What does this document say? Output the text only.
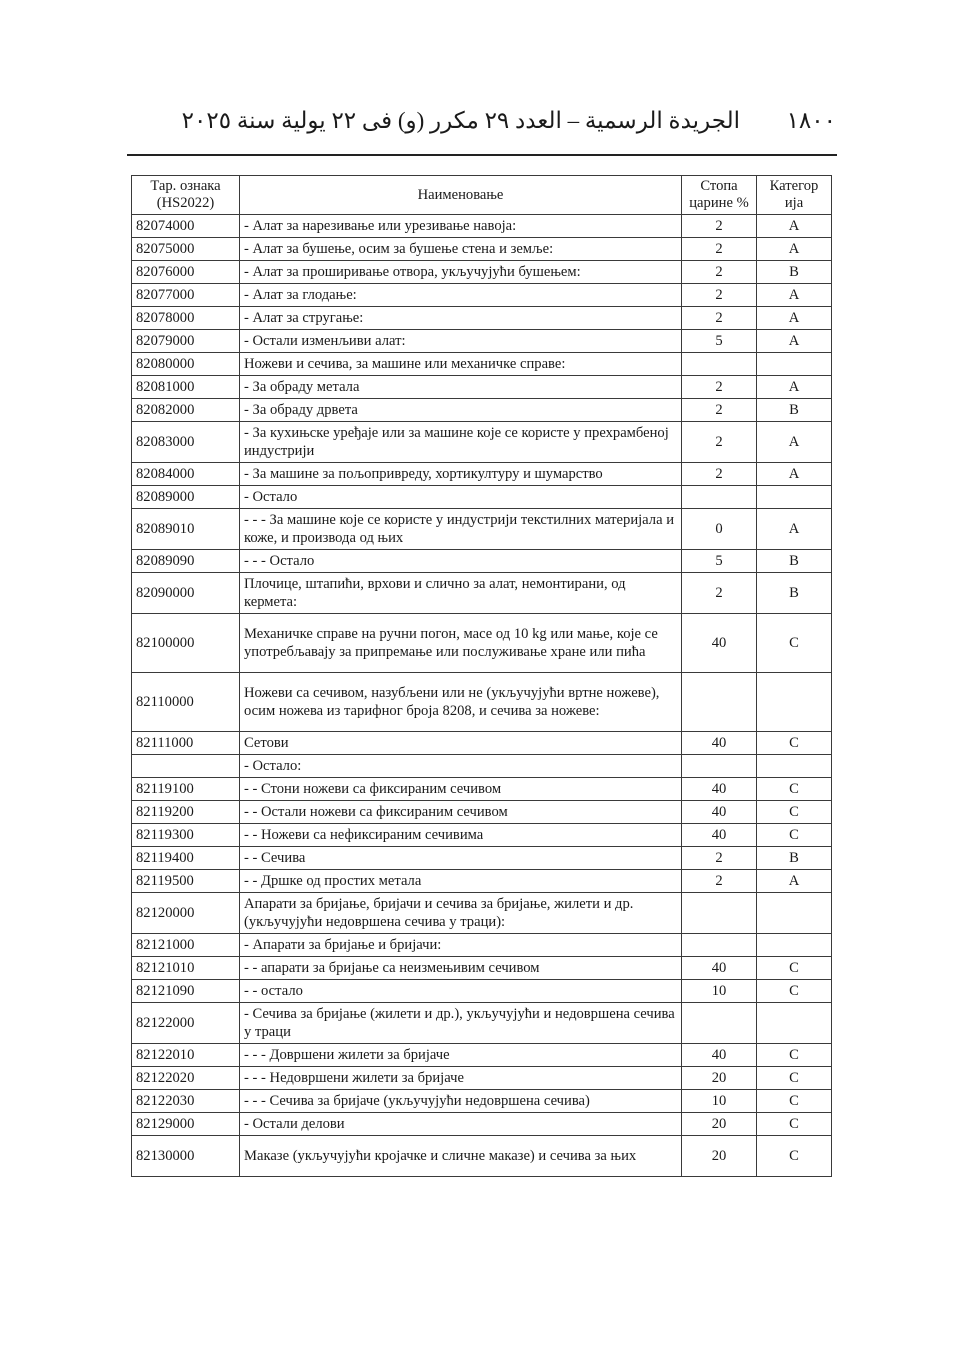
١٨٠٠
الجريدة الرسمية – العدد ٢٩ مكرر (و) فى ٢٢ يولية سنة ٢٠٢٥
Тар. ознака (HS2022)	Наименовање	Стопа царине %	Категор ија
82074000	- Алат за нарезивање или урезивање навоја:	2	A
82075000	- Алат за бушење, осим за бушење стена и земље:	2	A
82076000	- Алат за проширивање отвора, укључујући бушењем:	2	B
82077000	- Алат за глодање:	2	A
82078000	- Алат за стругање:	2	A
82079000	- Остали изменљиви алат:	5	A
82080000	Ножеви и сечива, за машине или механичке справе:		
82081000	- За обраду метала	2	A
82082000	- За обраду дрвета	2	B
82083000	- За кухињске уређаје или за машине које се користе у прехрамбеној индустрији	2	A
82084000	- За машине за пољопривреду, хортикултуру и шумарство	2	A
82089000	- Остало		
82089010	- - - За машине које се користе у индустрији текстилних материјала и коже, и производа од њих	0	A
82089090	- - - Остало	5	B
82090000	Плочице, штапићи, врхови и слично за алат, немонтирани, од кермета:	2	B
82100000	Механичке справе на ручни погон, масе од 10 kg или мање, које се употребљавају за припремање или послуживање хране или пића	40	C
82110000	Ножеви са сечивом, назубљени или не (укључујући вртне ножеве), осим ножева из тарифног броја 8208, и сечива за ножеве:		
82111000	Сетови	40	C
	- Остало:		
82119100	- - Стони ножеви са фиксираним сечивом	40	C
82119200	- - Остали ножеви са фиксираним сечивом	40	C
82119300	- - Ножеви са нефиксираним сечивима	40	C
82119400	- - Сечива	2	B
82119500	- - Дршке од простих метала	2	A
82120000	Апарати за бријање, бријачи и сечива за бријање, жилети и др. (укључујући недовршена сечива у траци):		
82121000	- Апарати за бријање и бријачи:		
82121010	- - апарати за бријање са неизмењивим сечивом	40	C
82121090	- - остало	10	C
82122000	- Сечива за бријање (жилети и др.), укључујући и недовршена сечива у траци		
82122010	- - - Довршени жилети за бријаче	40	C
82122020	- - - Недовршени жилети за бријаче	20	C
82122030	- - - Сечива за бријаче (укључујући недовршена сечива)	10	C
82129000	- Остали делови	20	C
82130000	Маказе (укључујући кројачке и сличне маказе) и сечива за њих	20	C
